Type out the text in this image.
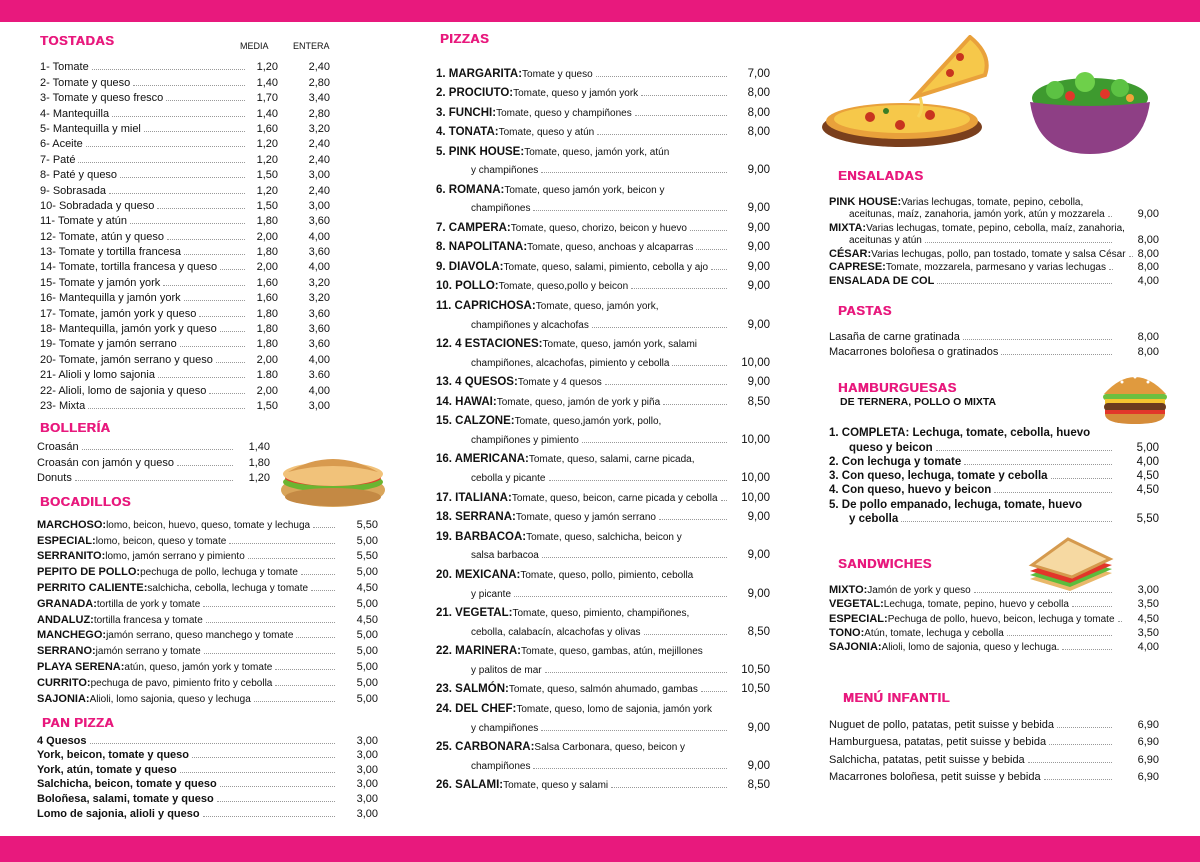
TOSTADAS	MEDIA	ENTERA
1- Tomate	1,20	2,40
2- Tomate y queso	1,40	2,80
3- Tomate y queso fresco	1,70	3,40
4- Mantequilla	1,40	2,80
5- Mantequilla y miel	1,60	3,20
6- Aceite	1,20	2,40
7- Paté	1,20	2,40
8- Paté y queso	1,50	3,00
9- Sobrasada	1,20	2,40
10- Sobradada y queso	1,50	3,00
11- Tomate y atún	1,80	3,60
12- Tomate, atún y queso	2,00	4,00
13- Tomate y tortilla francesa	1,80	3,60
14- Tomate, tortilla francesa y queso	2,00	4,00
15- Tomate y jamón york	1,60	3,20
16- Mantequilla y jamón york	1,60	3,20
17- Tomate, jamón york y queso	1,80	3,60
18- Mantequilla, jamón york y queso	1,80	3,60
19- Tomate y jamón serrano	1,80	3,60
20- Tomate, jamón serrano y queso	2,00	4,00
21- Alioli y lomo sajonia	1.80	3.60
22- Alioli, lomo de sajonia y queso	2,00	4,00
23- Mixta	1,50	3,00
BOLLERÍA
Croasán	1,40
Croasán con jamón y queso	1,80
Donuts	1,20
BOCADILLOS
MARCHOSO: lomo, beicon, huevo, queso, tomate y lechuga	5,50
ESPECIAL: lomo, beicon, queso y tomate	5,00
SERRANITO: lomo, jamón serrano y pimiento	5,50
PEPITO DE POLLO: pechuga de pollo, lechuga y tomate	5,00
PERRITO CALIENTE: salchicha, cebolla, lechuga y tomate	4,50
GRANADA: tortilla de york y tomate	5,00
ANDALUZ: tortilla francesa y tomate	4,50
MANCHEGO: jamón serrano, queso manchego y tomate	5,00
SERRANO: jamón serrano y tomate	5,00
PLAYA SERENA: atún, queso, jamón york y tomate	5,00
CURRITO: pechuga de pavo, pimiento frito y cebolla	5,00
SAJONIA: Alioli, lomo sajonia, queso y lechuga	5,00
PAN PIZZA
4 Quesos	3,00
York, beicon, tomate y queso	3,00
York, atún, tomate y queso	3,00
Salchicha, beicon, tomate y queso	3,00
Boloñesa, salami, tomate y queso	3,00
Lomo de sajonia, alioli y queso	3,00
PIZZAS
1. MARGARITA: Tomate y queso	7,00
2. PROCIUTO: Tomate, queso y jamón york	8,00
3. FUNCHI: Tomate, queso y champiñones	8,00
4. TONATA: Tomate, queso y atún	8,00
5. PINK HOUSE: Tomate, queso, jamón york, atún
y champiñones	9,00
6. ROMANA: Tomate, queso jamón york, beicon y
champiñones	9,00
7. CAMPERA: Tomate, queso, chorizo, beicon y huevo	9,00
8. NAPOLITANA: Tomate, queso, anchoas y alcaparras	9,00
9. DIAVOLA: Tomate, queso, salami, pimiento, cebolla y ajo	9,00
10. POLLO: Tomate, queso,pollo y beicon	9,00
11. CAPRICHOSA: Tomate, queso, jamón york,
champiñones y alcachofas	9,00
12. 4 ESTACIONES: Tomate, queso, jamón york, salami
champiñones, alcachofas, pimiento y cebolla	10,00
13. 4 QUESOS: Tomate y 4 quesos	9,00
14. HAWAI: Tomate, queso, jamón de york y piña	8,50
15. CALZONE: Tomate, queso,jamón york, pollo,
champiñones y pimiento	10,00
16. AMERICANA: Tomate, queso, salami, carne picada,
cebolla y picante	10,00
17. ITALIANA: Tomate, queso, beicon, carne picada y cebolla	10,00
18. SERRANA: Tomate, queso y jamón serrano	9,00
19. BARBACOA: Tomate, queso, salchicha, beicon y
salsa barbacoa	9,00
20. MEXICANA: Tomate, queso, pollo, pimiento, cebolla
y picante	9,00
21. VEGETAL: Tomate, queso, pimiento, champiñones,
cebolla, calabacín, alcachofas y olivas	8,50
22. MARINERA: Tomate, queso, gambas, atún, mejillones
y palitos de mar	10,50
23. SALMÓN: Tomate, queso, salmón ahumado, gambas	10,50
24. DEL CHEF: Tomate, queso, lomo de sajonia, jamón york
y champiñones	9,00
25. CARBONARA: Salsa Carbonara, queso, beicon y
champiñones	9,00
26. SALAMI: Tomate, queso y salami	8,50
ENSALADAS
PINK HOUSE: Varias lechugas, tomate, pepino, cebolla,
aceitunas, maíz, zanahoria, jamón york, atún y mozzarela	9,00
MIXTA: Varias lechugas, tomate, pepino, cebolla, maíz, zanahoria,
aceitunas y atún	8,00
CÉSAR: Varias lechugas, pollo, pan tostado, tomate y salsa César 8,00
CAPRESE: Tomate, mozzarela, parmesano y varias lechugas	8,00
ENSALADA DE COL	4,00
PASTAS
Lasaña de carne gratinada	8,00
Macarrones boloñesa o gratinados	8,00
HAMBURGUESAS
DE TERNERA, POLLO O MIXTA
1. COMPLETA: Lechuga, tomate, cebolla, huevo
queso y beicon	5,00
2. Con lechuga y tomate	4,00
3. Con queso, lechuga, tomate y cebolla	4,50
4. Con queso, huevo y beicon	4,50
5. De pollo empanado, lechuga, tomate, huevo
y cebolla	5,50
SANDWICHES
MIXTO: Jamón de york y queso	3,00
VEGETAL: Lechuga, tomate, pepino, huevo y cebolla	3,50
ESPECIAL: Pechuga de pollo, huevo, beicon, lechuga y tomate	4,50
TONO: Atún, tomate, lechuga y cebolla	3,50
SAJONIA: Alioli, lomo de sajonia, queso y lechuga.	4,00
MENÚ INFANTIL
Nuguet de pollo, patatas, petit suisse y bebida	6,90
Hamburguesa, patatas, petit suisse y bebida	6,90
Salchicha, patatas, petit suisse y bebida	6,90
Macarrones boloñesa, petit suisse y bebida	6,90
